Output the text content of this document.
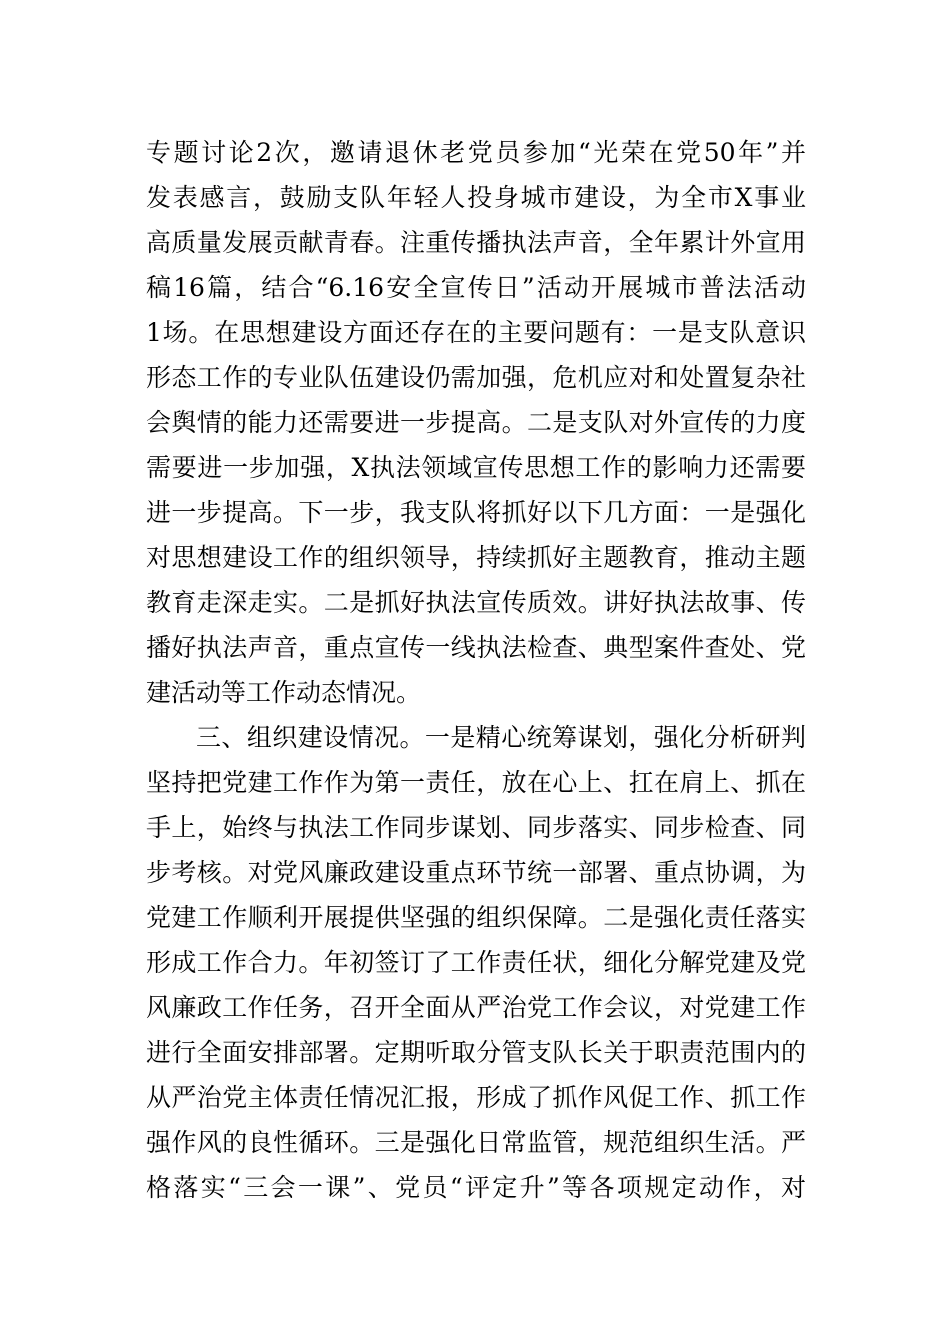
专题讨论2次，邀请退休老党员参加“光荣在党50年”并
发表感言，鼓励支队年轻人投身城市建设，为全市X事业
高质量发展贡献青春。注重传播执法声音，全年累计外宣用
稿16篇，结合“6.16安全宣传日”活动开展城市普法活动
1场。在思想建设方面还存在的主要问题有：一是支队意识
形态工作的专业队伍建设仍需加强，危机应对和处置复杂社
会舆情的能力还需要进一步提高。二是支队对外宣传的力度
需要进一步加强，X执法领域宣传思想工作的影响力还需要
进一步提高。下一步，我支队将抓好以下几方面：一是强化
对思想建设工作的组织领导，持续抓好主题教育，推动主题
教育走深走实。二是抓好执法宣传质效。讲好执法故事、传
播好执法声音，重点宣传一线执法检查、典型案件查处、党
建活动等工作动态情况。
三、组织建设情况。一是精心统筹谋划，强化分析研判
坚持把党建工作作为第一责任，放在心上、扛在肩上、抓在
手上，始终与执法工作同步谋划、同步落实、同步检查、同
步考核。对党风廉政建设重点环节统一部署、重点协调，为
党建工作顺利开展提供坚强的组织保障。二是强化责任落实
形成工作合力。年初签订了工作责任状，细化分解党建及党
风廉政工作任务，召开全面从严治党工作会议，对党建工作
进行全面安排部署。定期听取分管支队长关于职责范围内的
从严治党主体责任情况汇报，形成了抓作风促工作、抓工作
强作风的良性循环。三是强化日常监管，规范组织生活。严
格落实“三会一课”、党员“评定升”等各项规定动作，对
